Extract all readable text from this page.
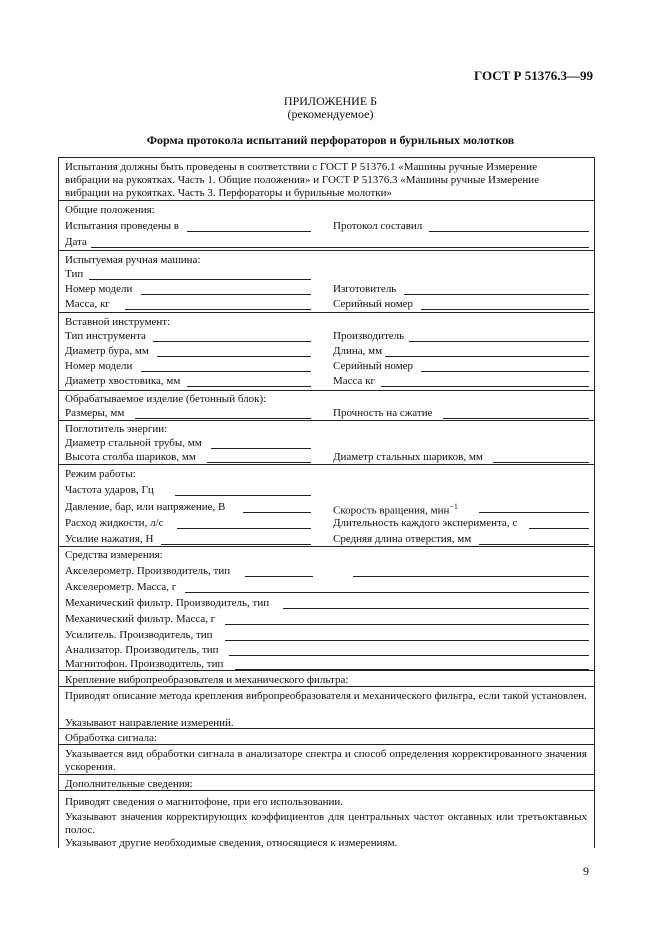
ГОСТ Р 51376.3—99
ПРИЛОЖЕНИЕ Б
(рекомендуемое)
Форма протокола испытаний перфораторов и бурильных молотков
Испытания должны быть проведены в соответствии с ГОСТ Р 51376.1 «Машины ручные Измерение
вибрации на рукоятках. Часть 1. Общие положения» и ГОСТ Р 51376.3 «Машины ручные Измерение
вибрации на рукоятках. Часть 3. Перфораторы и бурильные молотки»
Общие положения:
Испытания проведены в	Протокол составил
Дата
Испытуемая ручная машина:
Тип
Номер модели	Изготовитель
Масса, кг	Серийный номер
Вставной инструмент:
Тип инструмента	Производитель
Диаметр бура, мм	Длина, мм
Номер модели	Серийный номер
Диаметр хвостовика, мм	Масса кг
Обрабатываемое изделие (бетонный блок):
Размеры, мм	Прочность на сжатие
Поглотитель энергии:
Диаметр стальной трубы, мм
Высота столба шариков, мм	Диаметр стальных шариков, мм
Режим работы:
Частота ударов, Гц
Давление, бар, или напряжение, В	Скорость вращения, мин$^{-1}$
Расход жидкости, л/с	Длительность каждого эксперимента, с
Усилие нажатия, Н	Средняя длина отверстия, мм
Средства измерения:
Акселерометр. Производитель, тип
Акселерометр. Масса, г
Механический фильтр. Производитель, тип
Механический фильтр. Масса, г
Усилитель. Производитель, тип
Анализатор. Производитель, тип
Магнитофон. Производитель, тип
Крепление вибропреобразователя и механического фильтра:
Приводят описание метода крепления вибропреобразователя и механического фильтра, если такой установлен.
Указывают направление измерений.
Обработка сигнала:
Указывается вид обработки сигнала в анализаторе спектра и способ определения корректированного значения ускорения.
Дополнительные сведения:
Приводят сведения о магнитофоне, при его использовании.
Указывают значения корректирующих коэффициентов для центральных частот октавных или третьоктавных полос.
Указывают другие необходимые сведения, относящиеся к измерениям.
9
